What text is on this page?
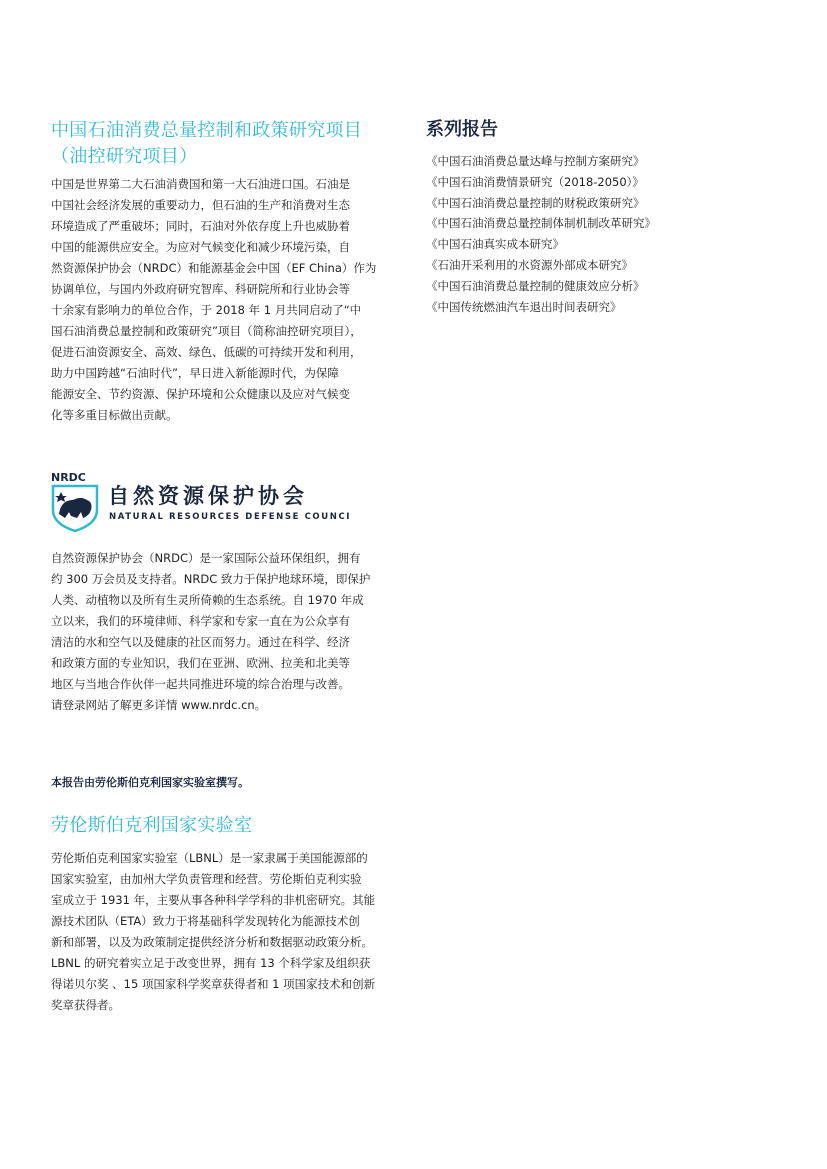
中国石油消费总量控制和政策研究项目
（油控研究项目）

中国是世界第二大石油消费国和第一大石油进口国。石油是

中国社会经济发展的重要动力，但石油的生产和消费对生态

环境造成了严重破坏；同时，石油对外依存度上升也威胁着

中国的能源供应安全。为应对气候变化和减少环境污染，自

然资源保护协会（NRDC）和能源基金会中国（EF China）作为

协调单位，与国内外政府研究智库、科研院所和行业协会等

十余家有影响力的单位合作，于 2018 年 1 月共同启动了“中

国石油消费总量控制和政策研究”项目（简称油控研究项目），

促进石油资源安全、高效、绿色、低碳的可持续开发和利用，

助力中国跨越“石油时代”，早日进入新能源时代，为保障

能源安全、节约资源、保护环境和公众健康以及应对气候变

化等多重目标做出贡献。

NRDC
自然资源保护协会
NATURAL RESOURCES DEFENSE COUNCIL

自然资源保护协会（NRDC）是一家国际公益环保组织，拥有

约 300 万会员及支持者。NRDC 致力于保护地球环境，即保护

人类、动植物以及所有生灵所倚赖的生态系统。自 1970 年成

立以来，我们的环境律师、科学家和专家一直在为公众享有

清洁的水和空气以及健康的社区而努力。通过在科学、经济

和政策方面的专业知识，我们在亚洲、欧洲、拉美和北美等

地区与当地合作伙伴一起共同推进环境的综合治理与改善。

请登录网站了解更多详情 www.nrdc.cn。

本报告由劳伦斯伯克利国家实验室撰写。
劳伦斯伯克利国家实验室

劳伦斯伯克利国家实验室（LBNL）是一家隶属于美国能源部的

国家实验室，由加州大学负责管理和经营。劳伦斯伯克利实验

室成立于 1931 年，主要从事各种科学学科的非机密研究。其能

源技术团队（ETA）致力于将基础科学发现转化为能源技术创

新和部署，以及为政策制定提供经济分析和数据驱动政策分析。

LBNL 的研究着实立足于改变世界，拥有 13 个科学家及组织获

得诺贝尔奖 、15 项国家科学奖章获得者和 1 项国家技术和创新

奖章获得者。

系列报告
《中国石油消费总量达峰与控制方案研究》
《中国石油消费情景研究（2018-2050）》
《中国石油消费总量控制的财税政策研究》
《中国石油消费总量控制体制机制改革研究》
《中国石油真实成本研究》
《石油开采利用的水资源外部成本研究》
《中国石油消费总量控制的健康效应分析》
《中国传统燃油汽车退出时间表研究》
